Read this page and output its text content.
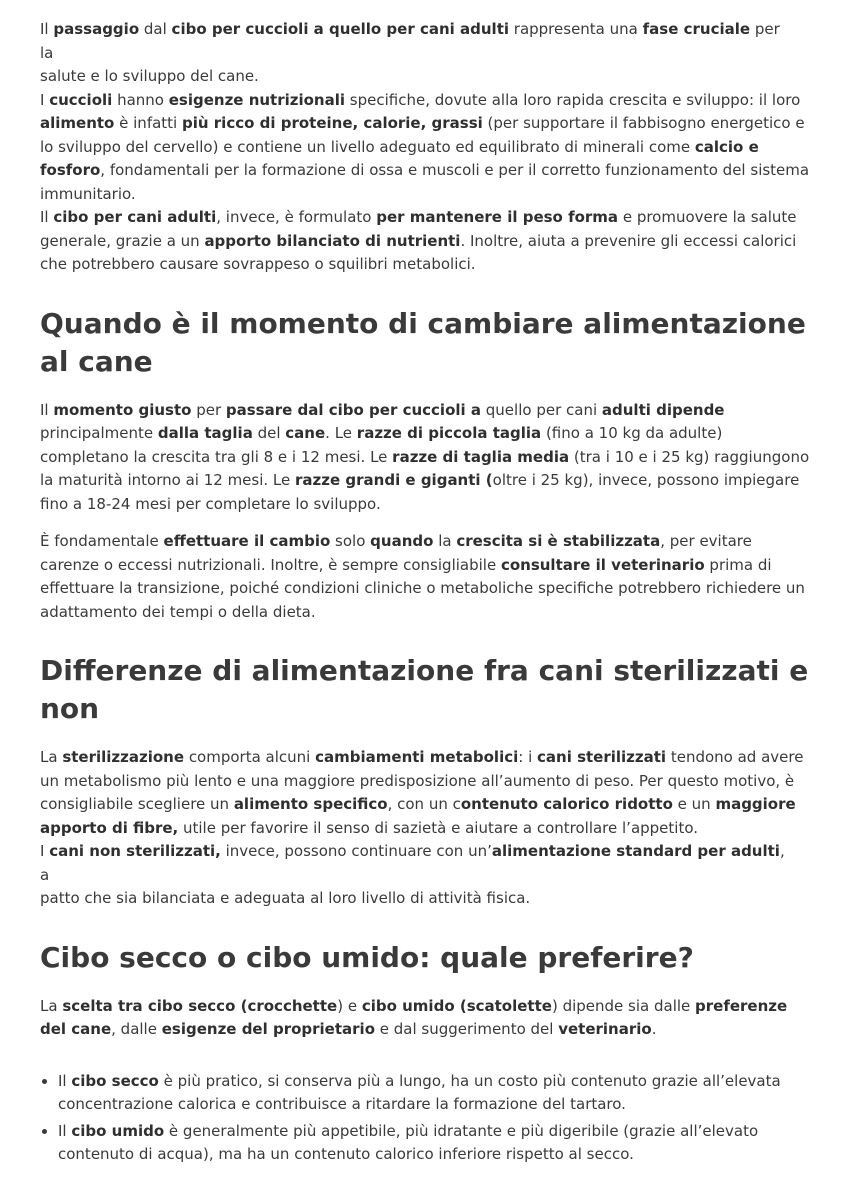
Il passaggio dal cibo per cuccioli a quello per cani adulti rappresenta una fase cruciale per
la
salute e lo sviluppo del cane.

I cuccioli hanno esigenze nutrizionali specifiche, dovute alla loro rapida crescita e sviluppo: il loro alimento è infatti più ricco di proteine, calorie, grassi (per supportare il fabbisogno energetico e lo sviluppo del cervello) e contiene un livello adeguato ed equilibrato di minerali come calcio e fosforo, fondamentali per la formazione di ossa e muscoli e per il corretto funzionamento del sistema immunitario.

Il cibo per cani adulti, invece, è formulato per mantenere il peso forma e promuovere la salute generale, grazie a un apporto bilanciato di nutrienti. Inoltre, aiuta a prevenire gli eccessi calorici che potrebbero causare sovrappeso o squilibri metabolici.

Quando è il momento di cambiare alimentazione al cane

Il momento giusto per passare dal cibo per cuccioli a quello per cani adulti dipende principalmente dalla taglia del cane. Le razze di piccola taglia (fino a 10 kg da adulte) completano la crescita tra gli 8 e i 12 mesi. Le razze di taglia media (tra i 10 e i 25 kg) raggiungono la maturità intorno ai 12 mesi. Le razze grandi e giganti (oltre i 25 kg), invece, possono impiegare fino a 18-24 mesi per completare lo sviluppo.

È fondamentale effettuare il cambio solo quando la crescita si è stabilizzata, per evitare carenze o eccessi nutrizionali. Inoltre, è sempre consigliabile consultare il veterinario prima di effettuare la transizione, poiché condizioni cliniche o metaboliche specifiche potrebbero richiedere un adattamento dei tempi o della dieta.

Differenze di alimentazione fra cani sterilizzati e non

La sterilizzazione comporta alcuni cambiamenti metabolici: i cani sterilizzati tendono ad avere un metabolismo più lento e una maggiore predisposizione all’aumento di peso. Per questo motivo, è consigliabile scegliere un alimento specifico, con un contenuto calorico ridotto e un maggiore apporto di fibre, utile per favorire il senso di sazietà e aiutare a controllare l’appetito.

I cani non sterilizzati, invece, possono continuare con un’alimentazione standard per adulti,
a
patto che sia bilanciata e adeguata al loro livello di attività fisica.

Cibo secco o cibo umido: quale preferire?

La scelta tra cibo secco (crocchette) e cibo umido (scatolette) dipende sia dalle preferenze del cane, dalle esigenze del proprietario e dal suggerimento del veterinario.

• Il cibo secco è più pratico, si conserva più a lungo, ha un costo più contenuto grazie all’elevata concentrazione calorica e contribuisce a ritardare la formazione del tartaro.
• Il cibo umido è generalmente più appetibile, più idratante e più digeribile (grazie all’elevato contenuto di acqua), ma ha un contenuto calorico inferiore rispetto al secco.
